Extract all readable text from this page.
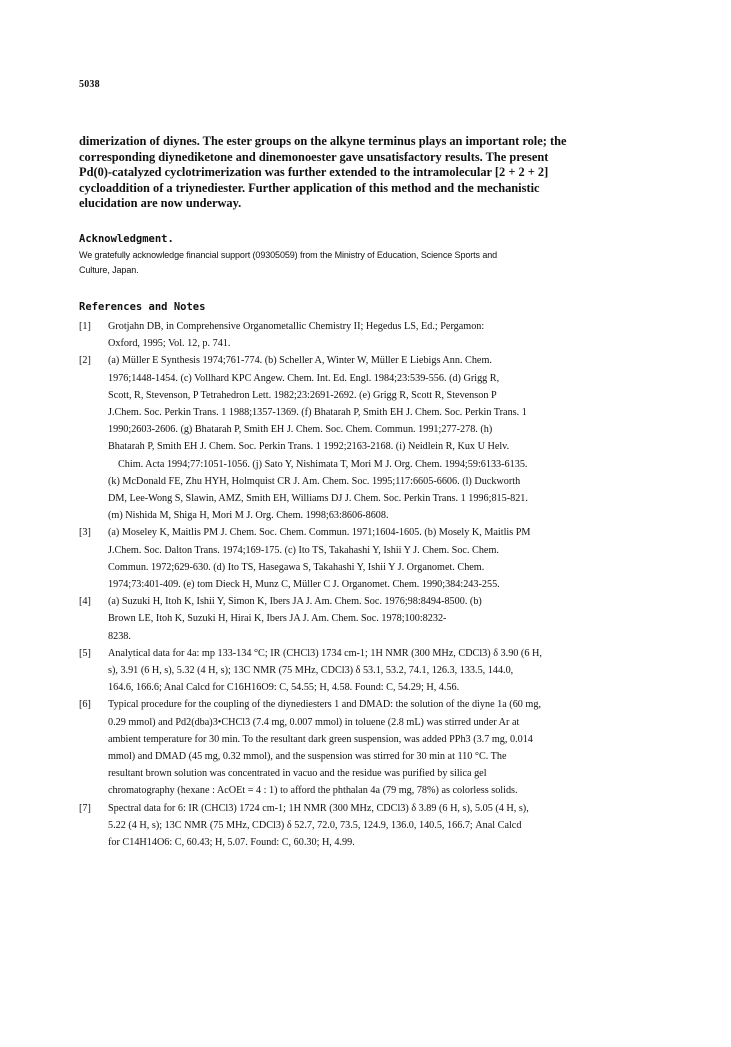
5038
dimerization of diynes. The ester groups on the alkyne terminus plays an important role; the
corresponding diynediketone and dinemonoester gave unsatisfactory results. The present
Pd(0)-catalyzed cyclotrimerization was further extended to the intramolecular [2 + 2 + 2]
cycloaddition of a triynediester. Further application of this method and the mechanistic
elucidation are now underway.
Acknowledgment.
We gratefully acknowledge financial support (09305059) from the Ministry of Education, Science Sports and
Culture, Japan.
References and Notes
[1] Grotjahn DB, in Comprehensive Organometallic Chemistry II; Hegedus LS, Ed.; Pergamon:
Oxford, 1995; Vol. 12, p. 741.
[2] (a) Müller E Synthesis 1974;761-774. (b) Scheller A, Winter W, Müller E Liebigs Ann. Chem.
1976;1448-1454. (c) Vollhard KPC Angew. Chem. Int. Ed. Engl. 1984;23:539-556. (d) Grigg R,
Scott, R, Stevenson, P Tetrahedron Lett. 1982;23:2691-2692. (e) Grigg R, Scott R, Stevenson P
J.Chem. Soc. Perkin Trans. 1 1988;1357-1369. (f) Bhatarah P, Smith EH J. Chem. Soc. Perkin Trans. 1
1990;2603-2606. (g) Bhatarah P, Smith EH J. Chem. Soc. Chem. Commun. 1991;277-278. (h)
Bhatarah P, Smith EH J. Chem. Soc. Perkin Trans. 1 1992;2163-2168. (i) Neidlein R, Kux U Helv.
Chim. Acta 1994;77:1051-1056. (j) Sato Y, Nishimata T, Mori M J. Org. Chem. 1994;59:6133-6135.
(k) McDonald FE, Zhu HYH, Holmquist CR J. Am. Chem. Soc. 1995;117:6605-6606. (l) Duckworth
DM, Lee-Wong S, Slawin, AMZ, Smith EH, Williams DJ J. Chem. Soc. Perkin Trans. 1 1996;815-821.
(m) Nishida M, Shiga H, Mori M J. Org. Chem. 1998;63:8606-8608.
[3] (a) Moseley K, Maitlis PM J. Chem. Soc. Chem. Commun. 1971;1604-1605. (b) Mosely K, Maitlis PM
J.Chem. Soc. Dalton Trans. 1974;169-175. (c) Ito TS, Takahashi Y, Ishii Y J. Chem. Soc. Chem.
Commun. 1972;629-630. (d) Ito TS, Hasegawa S, Takahashi Y, Ishii Y J. Organomet. Chem.
1974;73:401-409. (e) tom Dieck H, Munz C, Müller C J. Organomet. Chem. 1990;384:243-255.
[4] (a) Suzuki H, Itoh K, Ishii Y, Simon K, Ibers JA J. Am. Chem. Soc. 1976;98:8494-8500. (b)
Brown LE, Itoh K, Suzuki H, Hirai K, Ibers JA J. Am. Chem. Soc. 1978;100:8232-
8238.
[5] Analytical data for 4a: mp 133-134 °C; IR (CHCl3) 1734 cm-1; 1H NMR (300 MHz, CDCl3) δ 3.90 (6 H,
s), 3.91 (6 H, s), 5.32 (4 H, s); 13C NMR (75 MHz, CDCl3) δ 53.1, 53.2, 74.1, 126.3, 133.5, 144.0,
164.6, 166.6; Anal Calcd for C16H16O9: C, 54.55; H, 4.58. Found: C, 54.29; H, 4.56.
[6] Typical procedure for the coupling of the diynediesters 1 and DMAD: the solution of the diyne 1a (60 mg,
0.29 mmol) and Pd2(dba)3•CHCl3 (7.4 mg, 0.007 mmol) in toluene (2.8 mL) was stirred under Ar at
ambient temperature for 30 min. To the resultant dark green suspension, was added PPh3 (3.7 mg, 0.014
mmol) and DMAD (45 mg, 0.32 mmol), and the suspension was stirred for 30 min at 110 °C. The
resultant brown solution was concentrated in vacuo and the residue was purified by silica gel
chromatography (hexane : AcOEt = 4 : 1) to afford the phthalan 4a (79 mg, 78%) as colorless solids.
[7] Spectral data for 6: IR (CHCl3) 1724 cm-1; 1H NMR (300 MHz, CDCl3) δ 3.89 (6 H, s), 5.05 (4 H, s),
5.22 (4 H, s); 13C NMR (75 MHz, CDCl3) δ 52.7, 72.0, 73.5, 124.9, 136.0, 140.5, 166.7; Anal Calcd
for C14H14O6: C, 60.43; H, 5.07. Found: C, 60.30; H, 4.99.
